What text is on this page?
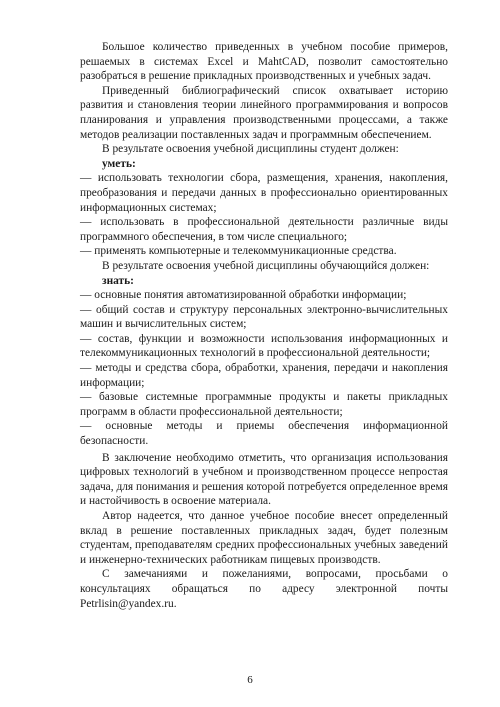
Большое количество приведенных в учебном пособие примеров, решаемых в системах Excel и MahtCAD, позволит самостоятельно разобраться в решение прикладных производственных и учебных задач.

Приведенный библиографический список охватывает историю развития и становления теории линейного программирования и вопросов планирования и управления производственными процессами, а также методов реализации поставленных задач и программным обеспечением.

В результате освоения учебной дисциплины студент должен:

уметь:

— использовать технологии сбора, размещения, хранения, накопления, преобразования и передачи данных в профессионально ориентированных информационных системах;

— использовать в профессиональной деятельности различные виды программного обеспечения, в том числе специального;

— применять компьютерные и телекоммуникационные средства.

В результате освоения учебной дисциплины обучающийся должен:

знать:

— основные понятия автоматизированной обработки информации;

— общий состав и структуру персональных электронно-вычислительных машин и вычислительных систем;

— состав, функции и возможности использования информационных и телекоммуникационных технологий в профессиональной деятельности;

— методы и средства сбора, обработки, хранения, передачи и накопления информации;

— базовые системные программные продукты и пакеты прикладных программ в области профессиональной деятельности;

— основные методы и приемы обеспечения информационной безопасности.

В заключение необходимо отметить, что организация использования цифровых технологий в учебном и производственном процессе непростая задача, для понимания и решения которой потребуется определенное время и настойчивость в освоение материала.

Автор надеется, что данное учебное пособие внесет определенный вклад в решение поставленных прикладных задач, будет полезным студентам, преподавателям средних профессиональных учебных заведений и инженерно-технических работникам пищевых производств.

С замечаниями и пожеланиями, вопросами, просьбами о консультациях обращаться по адресу электронной почты Petrlisin@yandex.ru.

6
